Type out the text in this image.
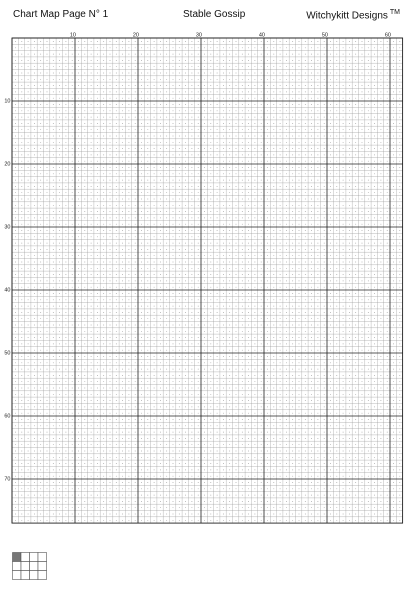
Chart Map Page N° 1	Stable Gossip	Witchykitt Designs ™
10	20	30	40	50	60
10
20
30
40
50
60
70
